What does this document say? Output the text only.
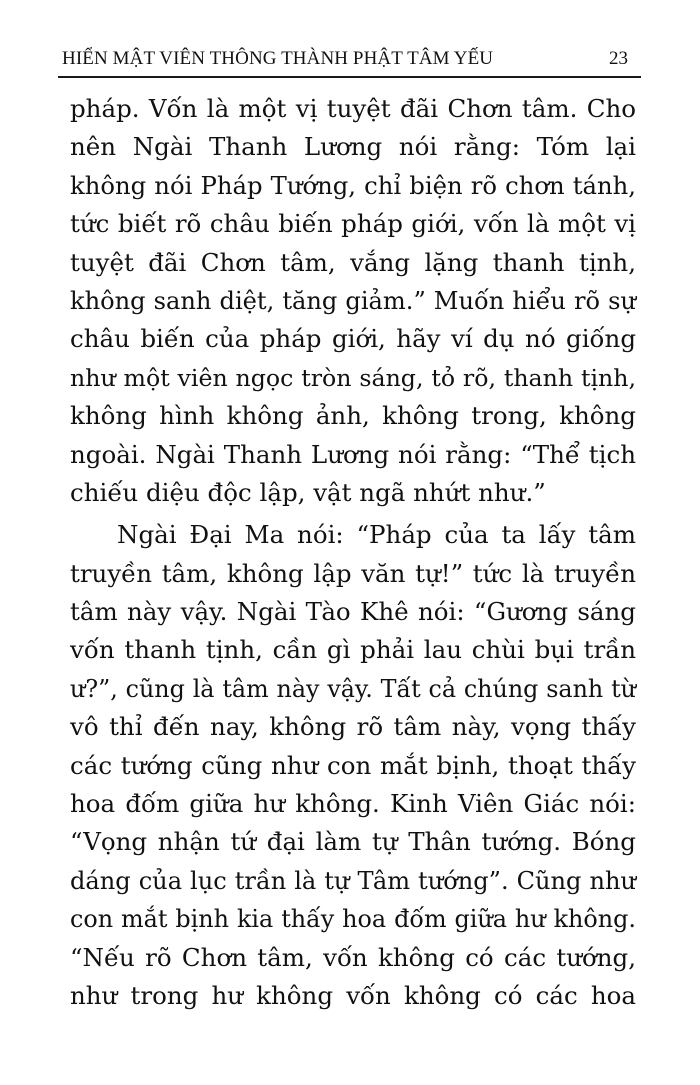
HIỂN MẬT VIÊN THÔNG THÀNH PHẬT TÂM YẾU	23
pháp. Vốn là một vị tuyệt đãi Chơn tâm. Cho
nên Ngài Thanh Lương nói rằng: Tóm lại
không nói Pháp Tướng, chỉ biện rõ chơn tánh,
tức biết rõ châu biến pháp giới, vốn là một vị
tuyệt đãi Chơn tâm, vắng lặng thanh tịnh,
không sanh diệt, tăng giảm.” Muốn hiểu rõ sự
châu biến của pháp giới, hãy ví dụ nó giống
như một viên ngọc tròn sáng, tỏ rõ, thanh tịnh,
không hình không ảnh, không trong, không
ngoài. Ngài Thanh Lương nói rằng: “Thể tịch
chiếu diệu độc lập, vật ngã nhứt như.”
Ngài Đại Ma nói: “Pháp của ta lấy tâm
truyền tâm, không lập văn tự!” tức là truyền
tâm này vậy. Ngài Tào Khê nói: “Gương sáng
vốn thanh tịnh, cần gì phải lau chùi bụi trần
ư?”, cũng là tâm này vậy. Tất cả chúng sanh từ
vô thỉ đến nay, không rõ tâm này, vọng thấy
các tướng cũng như con mắt bịnh, thoạt thấy
hoa đốm giữa hư không. Kinh Viên Giác nói:
“Vọng nhận tứ đại làm tự Thân tướng. Bóng
dáng của lục trần là tự Tâm tướng”. Cũng như
con mắt bịnh kia thấy hoa đốm giữa hư không.
“Nếu rõ Chơn tâm, vốn không có các tướng,
như trong hư không vốn không có các hoa
